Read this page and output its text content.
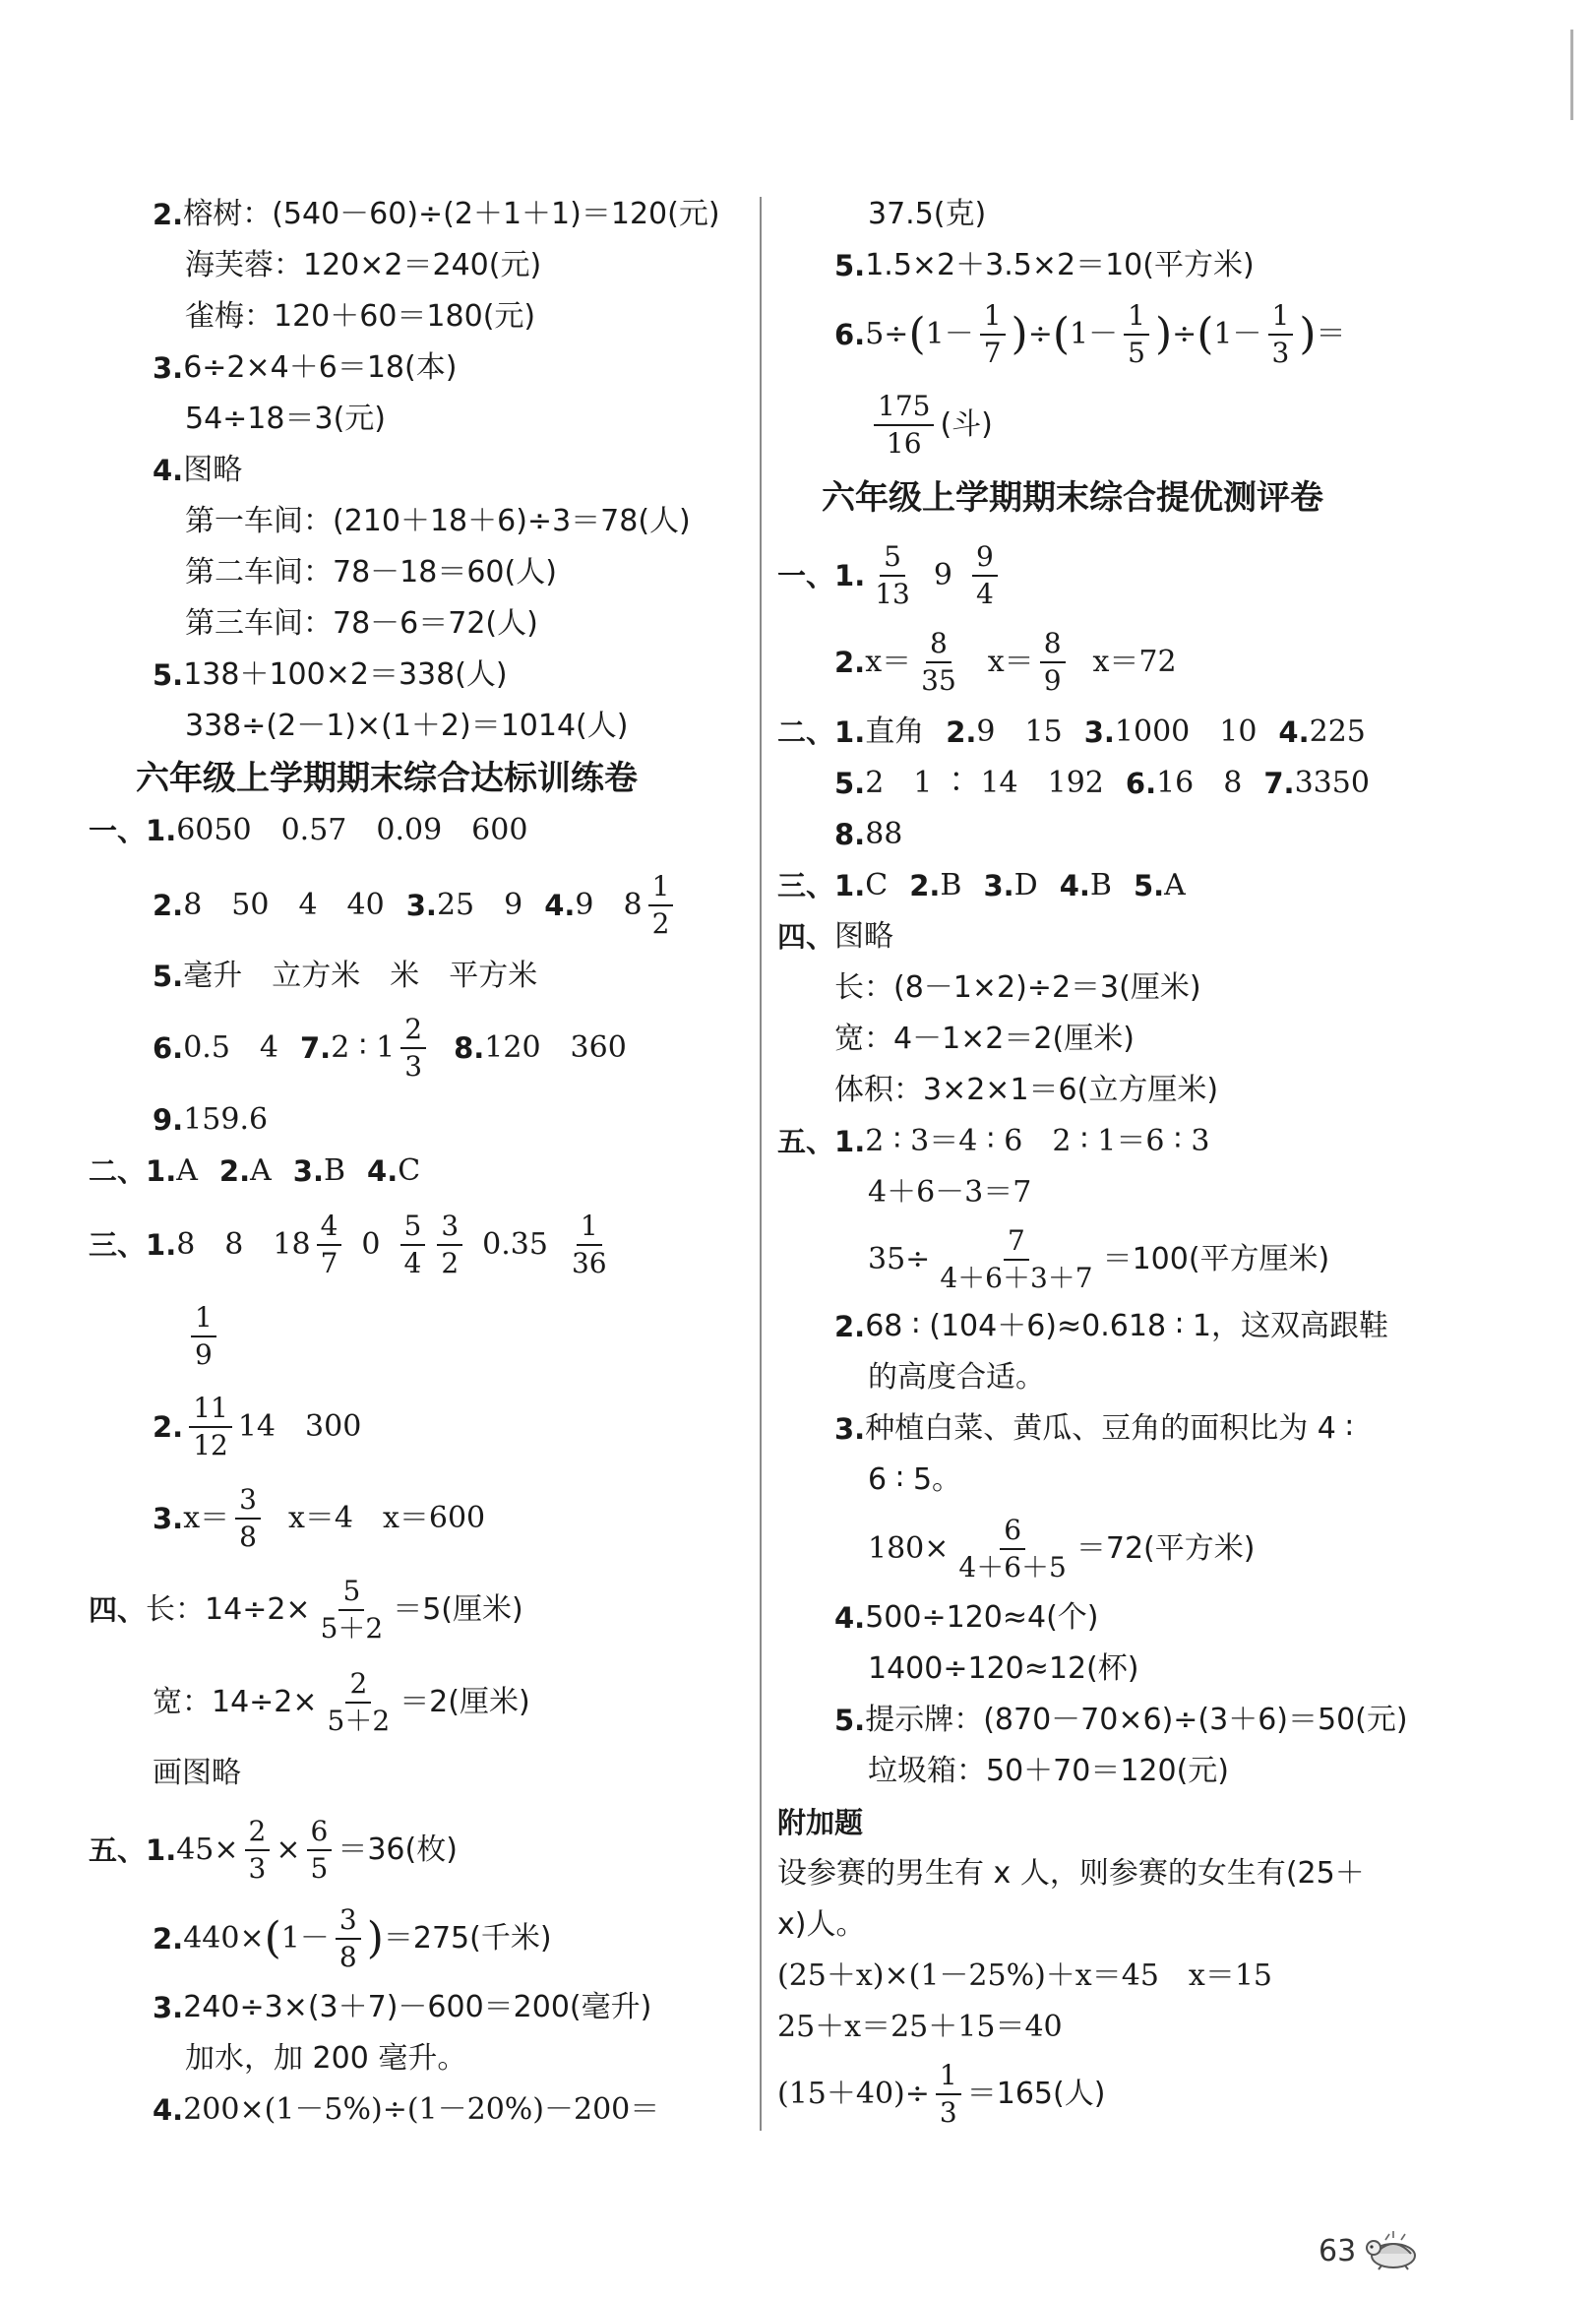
2. 榕树：(540－60)÷(2＋1＋1)＝120(元)
海芙蓉：120×2＝240(元)
雀梅：120＋60＝180(元)
3. 6÷2×4＋6＝18(本)
54÷18＝3(元)
4. 图略
第一车间：(210＋18＋6)÷3＝78(人)
第二车间：78－18＝60(人)
第三车间：78－6＝72(人)
5. 138＋100×2＝338(人)
338÷(2－1)×(1＋2)＝1014(人)
六年级上学期期末综合达标训练卷
一、 1. 6050　0.57　0.09　600
2. 8　50　4　40 3. 25　9 4. 9　$8 \frac{1}{2}$
5. 毫升　立方米　米　平方米
6. 0.5　4 7. 2 ∶ $1 \frac{2}{3} 8$. 120　360
9. 159.6
二、 1. A 2. A 3. B 4. C
三、 1. 8　8　$18 \frac{4}{7} 0 \frac{5}{4} \frac{3}{2} 0.35 \frac{1}{36}$
$\frac{1}{9}$
2. $\frac{11}{12} 14$　300
3. $x= \frac{3}{8} x=4$　x＝600
四、 长：$14\div 2\times \frac{5}{5+2} =5$(厘米)
宽：$14\div 2\times \frac{2}{5+2} =2$(厘米)
画图略
五、 1. $45\times \frac{2}{3} \times \frac{6}{5} =36$(枚)
2. 440× ( $1- \frac{3}{8}$ ) ＝275(千米)
3. 240÷3×(3＋7)－600＝200(毫升)
加水，加 200 毫升。
4. 200×(1－5%)÷(1－20%)－200＝
37.5(克)
5. 1.5×2＋3.5×2＝10(平方米)
6. 5÷ ( $1- \frac{1}{7}$ ) ÷ ( $1- \frac{1}{5}$ ) ÷ ( $1- \frac{1}{3}$ ) ＝
$\frac{175}{16}$ (斗)
六年级上学期期末综合提优测评卷
一、 1. $\frac{5}{13} 9 \frac{9}{4}$
2. $x= \frac{8}{35} x= \frac{8}{9} x=72$
二、 1. 直角 2. 9　15 3. 1000　10 4. 225
5. 2　1 ∶ 14　192 6. 16　8 7. 3350
8. 88
三、 1. C 2. B 3. D 4. B 5. A
四、 图略
长：(8－1×2)÷2＝3(厘米)
宽：4－1×2＝2(厘米)
体积：3×2×1＝6(立方厘米)
五、 1. 2 ∶ 3＝4 ∶ 6　2 ∶ 1＝6 ∶ 3
4＋6－3＝7
$35\div \frac{7}{4+6+3+7} =100$(平方厘米)
2. 68 ∶ (104＋6)≈0.618 ∶ 1，这双高跟鞋
的高度合适。
3. 种植白菜、黄瓜、豆角的面积比为 4 ∶
6 ∶ 5。
$180\times \frac{6}{4+6+5} =72$(平方米)
4. 500÷120≈4(个)
1400÷120≈12(杯)
5. 提示牌：(870－70×6)÷(3＋6)＝50(元)
垃圾箱：50＋70＝120(元)
附加题
设参赛的男生有 x 人，则参赛的女生有(25＋
x)人。
(25＋x)×(1－25%)＋x＝45　x＝15
25＋x＝25＋15＝40
$(15+40)\div \frac{1}{3} =165$(人)
63
